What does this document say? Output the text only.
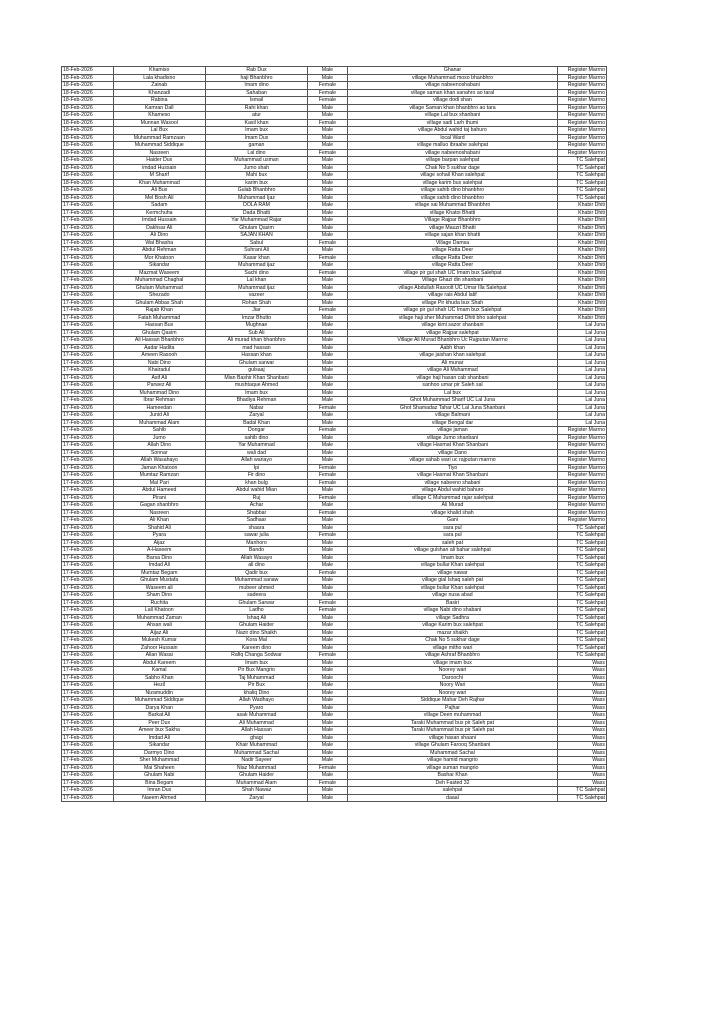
18-Feb-2026	Khamiso	Rab Dux	Male	Ghanar	Register Marrno
18-Feb-2026	Lala khadisno	haji Bhanbhro	Male	village Muhammad moso bhanbhro	Register Marrno
18-Feb-2026	Zainab	Imam dino	Female	village nabeenoshabani	Register Marrno
18-Feb-2026	Khanzadi	Sahaban	Female	village saman khan sanahro ao taral	Register Marrno
18-Feb-2026	Rabina	Ismail	Female	village dodi shan	Register Marrno
18-Feb-2026	Kamran Dall	Rahi khan	Male	village Saman khan bhanbhro ao tara	Register Marrno
18-Feb-2026	Khameso	atur	Male	village Lal bux shanbani	Register Marrno
18-Feb-2026	Munnan Wasool	Kasil khan	Female	village sadi Larh thumi	Register Marrno
18-Feb-2026	Lal Bux	Imam bux	Male	village Abdul wahid taj bahuro	Register Marrno
18-Feb-2026	Muhammad Ramzaan	Imam Dux	Male	local Ward	Register Marrno
18-Feb-2026	Muhammad Siddique	gaman	Male	village malluo ibraahe salehpat	Register Marrno
18-Feb-2026	Nasreen	Lal dino	Female	village nabeenoshabani	Register Marrno
18-Feb-2026	Haider Dux	Muhammad usman	Male	village barpan salehpat	TC Salehpat
18-Feb-2026	imdad Hussain	Jumo shah	Male	Chak No 5 sukhar dage	TC Salehpat
18-Feb-2026	M Sharif	Mahi bux	Male	village sohail Khan salehpat	TC Salehpat
18-Feb-2026	Khan Muhammad	karim bux	Male	village karim bux salehpat	TC Salehpat
18-Feb-2026	Ali Bux	Gulab Bhanbhro	Male	village sahib dino bhanbhro	TC Salehpat
18-Feb-2026	Mel Bosh Ali	Muhammad Ijaz	Male	village sahib dino bhanbhro	TC Salehpat
17-Feb-2026	Sadam	DOLA RAM	Male	village sai Muhammad Bhanbhro	Khabir Dhiti
17-Feb-2026	Kermchuha	Dada Bhatti	Male	village Khatoi Bhatti	Khabir Dhiti
17-Feb-2026	Imdad Hussain	Yar Muhammad Rajar	Male	Village Rajpar Bhanbhro	Khabir Dhiti
17-Feb-2026	Dakhsar Ali	Ghulam Qasim	Male	village Mauzri Bhatti	Khabir Dhiti
17-Feb-2026	Ali Dino	SAJAN KHAN	Male	village sajan khan bhatti	Khabir Dhiti
17-Feb-2026	Wal Bhasha	Sabul	Female	Village Damsa	Khabir Dhiti
17-Feb-2026	Abdul Rehman	Suhrani Ali	Male	village Ratta Deer	Khabir Dhiti
17-Feb-2026	Mor Khatoon	Kasar khan	Female	village Ratta Deer	Khabir Dhiti
17-Feb-2026	Sikandar	Muhammad ijaz	Male	village Ratta Deer	Khabir Dhiti
17-Feb-2026	Mazmat Waseem	Sachi dino	Female	village pir gul shah UC Imam bux Salehpat	Khabir Dhiti
17-Feb-2026	Muhammad Chaghal	Lal khan	Male	Village Ghazi din shanbani	Khabir Dhiti
17-Feb-2026	Ghulam Muhammad	Muhammad ijaz	Male	village Abdullah Rasoolt UC Umar Illa Salehpat	Khabir Dhiti
17-Feb-2026	Shezado	vazeer	Male	village rais Abdul latif	Khabir Dhiti
17-Feb-2026	Ghulam Abbas Shah	Rohan Shah	Male	village Pir khuda bux Shah	Khabir Dhiti
17-Feb-2026	Rajab Khan	Jiar	Female	village pir gul shah UC Imam bux Salehpat	Khabir Dhiti
17-Feb-2026	Fatah Muhammad	Imzar Bhutto	Male	village haji sher Muhammad Dhiti bho salehpat	Khabir Dhiti
17-Feb-2026	Hassan Bux	Mughnae	Male	village kimi sazor shanbani	Lal Juna
17-Feb-2026	Ghulam Qasim	Sub Ali	Male	village Rajpar salehpat	Lal Juna
17-Feb-2026	Ali Hassan Bhanbhro	Ali murad khan bhanbhro	Male	Village Ali Murad Bhanbhro Uc Rajputan Marrno	Lal Juna
17-Feb-2026	Aadar Hadita	mad hassan	Male	Aabh khan	Lal Juna
17-Feb-2026	Ameen Rasooh	Hassan khan	Male	village jaishan khan salehpat	Lal Juna
17-Feb-2026	Nabi Dino	Ghulam sarwar	Male	Ali munar	Lal Juna
17-Feb-2026	Khairadul	gulsaaj	Male	village Ali Muhammad	Lal Juna
17-Feb-2026	Asif Ali	Mian Bashir Khan Shanbani	Male	village haji hasan cab shanbani	Lal Juna
17-Feb-2026	Parwez Ali	mushtaque Ahmed	Male	sanhoo umar pir Saleh sal	Lal Juna
17-Feb-2026	Muhammad Dino	Imam bux	Male	Lal bux	Lal Juna
17-Feb-2026	Ibrar Rehman	Bhadiya Rehman	Male	Ghot Muhammad Sharif UC Lal Juna	Lal Juna
17-Feb-2026	Hameedan	Nabar	Female	Ghot Shamadaz Tahar UC Lal Juna Shanbani	Lal Juna
17-Feb-2026	Junid Ali	Zaryal	Male	village Balmani	Lal Juna
17-Feb-2026	Muhammad Alam	Badal Khan	Male	village Bengal dar	Lal Juna
17-Feb-2026	Sahib	Dongar	Female	village jaman	Register Marrno
17-Feb-2026	Jumo	sahib dino	Male	village Jumo shanbani	Register Marrno
17-Feb-2026	Allah Dino	Yar Muhammad	Male	village Hasmat Khan Shanbani	Register Marrno
17-Feb-2026	Sonnar	wali dad	Male	village Dano	Register Marrno
17-Feb-2026	Allah Wasahayo	Allah wariayo	Male	village sahab wari uc rajputan marrno	Register Marrno
17-Feb-2026	Jaman Khatoon	Ipi	Female	Tiyo	Register Marrno
17-Feb-2026	Mumtaz Ramzan	Fir dino	Female	village Hasmat Khan Shanbani	Register Marrno
17-Feb-2026	Mal Pari	khan bulg	Female	village nabeeno shabani	Register Marrno
17-Feb-2026	Abdul Hameed	Abdul wahid Mian	Male	village Abdul wahid bahuro	Register Marrno
17-Feb-2026	Pirani	Ruj	Female	village C Muhammad rajar salehpat	Register Marrno
17-Feb-2026	Gagan shanbhro	Achar	Male	Ali Murad	Register Marrno
17-Feb-2026	Nasreen	Shabbar	Female	village khalid shah	Register Marrno
17-Feb-2026	Ali Khan	Sadhaar	Male	Gani	Register Marrno
17-Feb-2026	Shahid Ali	shaara	Male	sara pul	TC Salehpat
17-Feb-2026	Pyara	sawar julia	Female	sara pul	TC Salehpat
17-Feb-2026	Aijaz	Manhoro	Male	saleh pat	TC Salehpat
17-Feb-2026	A-Haseem	Bando	Male	village gulshan ali bahar salehpat	TC Salehpat
17-Feb-2026	Barsa Dino	Allah Wasayo	Male	Imam bux	TC Salehpat
17-Feb-2026	Imdad Ali	ali dino	Male	village bullar Khan salehpat	TC Salehpat
17-Feb-2026	Mumtaz Begam	Qadir bux	Female	village nawar	TC Salehpat
17-Feb-2026	Ghulam Mustafa	Muhammad sanaw	Male	village gial Ishaq saleh pat	TC Salehpat
17-Feb-2026	Waseem ali	mubeer ahmed	Male	village bullar Khan salehpat	TC Salehpat
17-Feb-2026	Sham Dino	sadeera	Male	village nusa abad	TC Salehpat
17-Feb-2026	Ruchita	Ghulam Sarwar	Female	Basiri	TC Salehpat
17-Feb-2026	Lall Khatoon	Ladho	Female	village Nabi dino shabani	TC Salehpat
17-Feb-2026	Muhammad Zaman	Ishaq Ali	Male	village Sadhra	TC Salehpat
17-Feb-2026	Ahsan wali	Ghulam Haider	Male	village Karim bux salehpat	TC Salehpat
17-Feb-2026	Aijaz Ali	Nazir dino Shaikh	Male	mazar shaikh	TC Salehpat
17-Feb-2026	Mukesh Kumar	Kora Mal	Male	Chak No 5 sukhar dage	TC Salehpat
17-Feb-2026	Zahoor Hussain	Kareem dino	Male	village mitho wari	TC Salehpat
17-Feb-2026	Allan Wasai	Rafiq Changa Sodwar	Female	village Ashraf Bhanbhro	TC Salehpat
17-Feb-2026	Abdul Kareem	Imam bux	Male	village imam bux	Wass
17-Feb-2026	Kamal	Pir Bux Mangrio	Male	Noorey wari	Wass
17-Feb-2026	Sabho Khan	Taj Muhammad	Male	Daroochi	Wass
17-Feb-2026	Hezil	Pir Bux	Male	Noory Wari	Wass
17-Feb-2026	Nizamuddin	khaliq Dino	Male	Noorey wari	Wass
17-Feb-2026	Muhammad Siddique	Allah Wadhayo	Male	Siddique Mahar Deh Rajhar	Wass
17-Feb-2026	Darya Khan	Pyaro	Male	Pajhar	Wass
17-Feb-2026	Barkat Ali	asak Muhammad	Male	village Deen muhammad	Wass
17-Feb-2026	Peer Dux	Ali Muhammad	Male	Taraki Muhammad bux pir Saleh pat	Wass
17-Feb-2026	Ameer bux Sakha	Allah Hassan	Male	Taraki Muhammad bux pir Saleh pat	Wass
17-Feb-2026	Imdad Ali	ghagi	Male	village hasan shaani	Wass
17-Feb-2026	Sikandar	Khair Muhammad	Male	village Ghulam Farooq Shanbani	Wass
17-Feb-2026	Darmyo Dino	Muhammad Sachal	Male	Muhammad Sachal	Wass
17-Feb-2026	Sher Muhammad	Nadir Sayeer	Male	village hamid mangrio	Wass
17-Feb-2026	Mai Shaheen	Niaz Muhammad	Female	village suman mangrio	Wass
17-Feb-2026	Ghulam Nabi	Ghulam Haider	Male	Bashar Khan	Wass
17-Feb-2026	Bina Begam	Muhammad Alam	Female	Deh Fasted 32	Wass
17-Feb-2026	Imran Dux	Shah Nawaz	Male	salehpat	TC Salehpat
17-Feb-2026	Naeem Ahmed	Zaryal	Male	daaal	TC Salehpat
